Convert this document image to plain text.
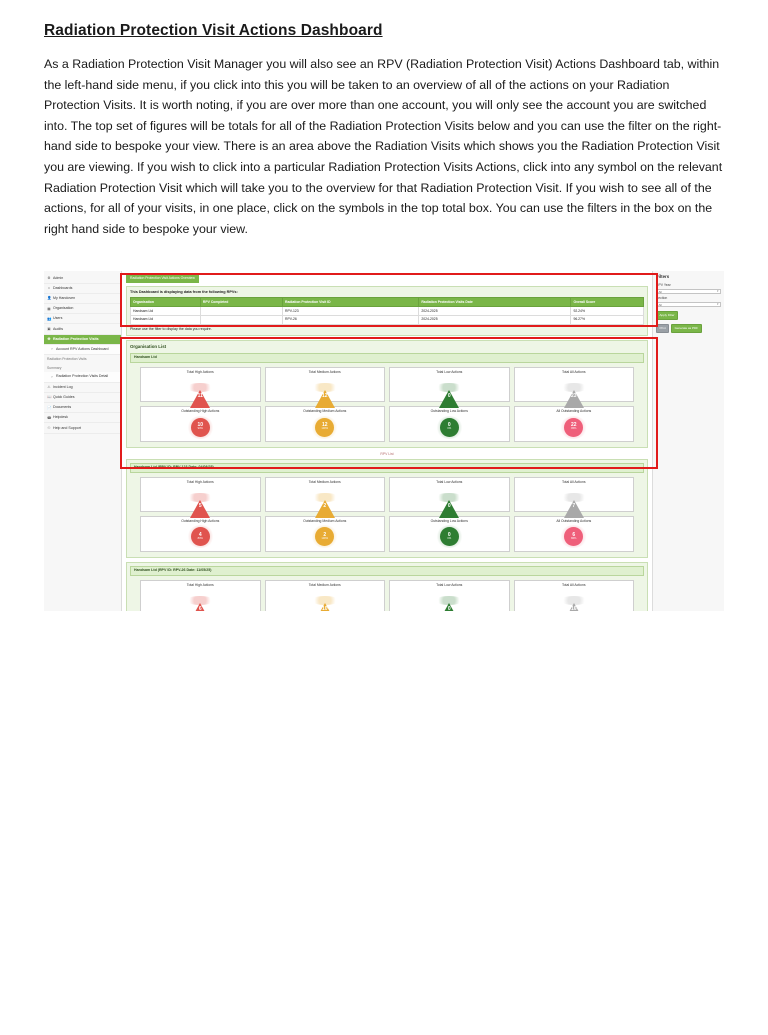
Radiation Protection Visit Actions Dashboard

As a Radiation Protection Visit Manager you will also see an RPV (Radiation Protection Visit) Actions Dashboard tab, within the left-hand side menu, if you click into this you will be taken to an overview of all of the actions on your Radiation Protection Visits. It is worth noting, if you are over more than one account, you will only see the account you are switched into. The top set of figures will be totals for all of the Radiation Protection Visits below and you can use the filter on the right-hand side to bespoke your view. There is an area above the Radiation Visits which shows you the Radiation Protection Visit you are viewing. If you wish to click into a particular Radiation Protection Visits Actions, click into any symbol on the relevant Radiation Protection Visit which will take you to the overview for that Radiation Protection Visit. If you wish to see all of the actions, for all of your visits, in one place, click on the symbols in the top total box. You can use the filters in the box on the right hand side to bespoke your view.

⚙ Admin
⌂ Dashboards
👤 My Handoven
▦ Organisation
👥 Users
▣ Audits
☢ Radiation Protection Visits
› Account RPV Actions Dashboard
Radiation Protection Visits
Summary
› Radiation Protection Visits Detail
⚠ Incident Log
📖 Quick Guides
📄 Documents
☎ Helpdesk
☉ Help and Support
Radiation Protection Visit Actions Overview
This Dashboard is displaying data from the following RPVs:
Organisation	RPV Completed	Radiation Protection Visit ID	Radiation Protection Visits Date	Overall Score
Handsam Ltd		RPV-123	2024-2025	92.24%
Handsam Ltd		RPV-26	2024-2025	96.27%
Please use the filter to display the data you require.
Organisation List
Handsam Ltd
Total High Actions
11
Total Medium Actions
12
Total Low Actions
0
Total All Actions
23
Outstanding High Actions
10
90%
Outstanding Medium Actions
12
100%
Outstanding Low Actions
0
0%
All Outstanding Actions
22
95%
RPV List
Handsam Ltd (RPV ID: RPV-123 Date: 04/08/25)
Total High Actions
5
Total Medium Actions
2
Total Low Actions
0
Total All Actions
7
Outstanding High Actions
4
80%
Outstanding Medium Actions
2
100%
Outstanding Low Actions
0
0%
All Outstanding Actions
6
86%
Handsam Ltd (RPV ID: RPV-26 Date: 11/05/25)
Total High Actions
6
Total Medium Actions
10
Total Low Actions
0
Total All Actions
16
Filters
RPV Year
All ▾
Section
All ▾
Apply Filter
Print	Generate as PDF
